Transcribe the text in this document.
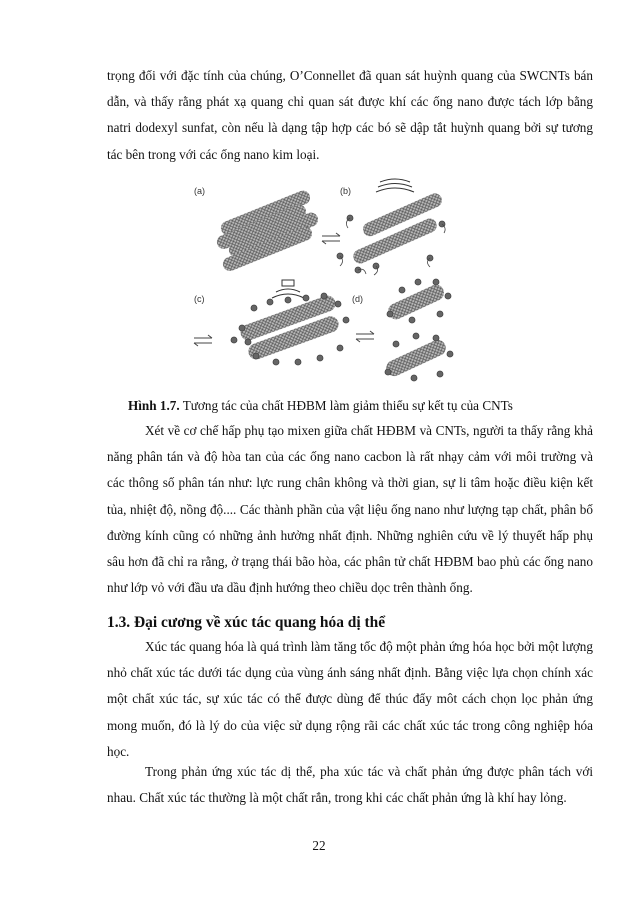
trọng đối với đặc tính của chúng, O’Connellet đã quan sát huỳnh quang của SWCNTs bán dẫn, và thấy rằng phát xạ quang chỉ quan sát được khí các ống nano được tách lớp bằng natri dodexyl sunfat, còn nếu là dạng tập hợp các bó sẽ dập tắt huỳnh quang bởi sự tương tác bên trong với các ống nano kim loại.

(a)	(b)
(c)	(d)

Hình 1.7. Tương tác của chất HĐBM làm giảm thiểu sự kết tụ của CNTs

Xét về cơ chế hấp phụ tạo mixen giữa chất HĐBM và CNTs, người ta thấy rằng khả năng phân tán và độ hòa tan của các ống nano cacbon là rất nhạy cảm với môi trường và các thông số phân tán như: lực rung chân không và thời gian, sự li tâm hoặc điều kiện kết tủa, nhiệt độ, nồng độ.... Các thành phần của vật liệu ống nano như lượng tạp chất, phân bố đường kính cũng có những ảnh hưởng nhất định. Những nghiên cứu về lý thuyết hấp phụ sâu hơn đã chỉ ra rằng, ở trạng thái bão hòa, các phân tử chất HĐBM bao phủ các ống nano như lớp vỏ với đầu ưa dầu định hướng theo chiều dọc trên thành ống.

1.3. Đại cương về xúc tác quang hóa dị thể

Xúc tác quang hóa là quá trình làm tăng tốc độ một phản ứng hóa học bởi một lượng nhỏ chất xúc tác dưới tác dụng của vùng ánh sáng nhất định. Bằng việc lựa chọn chính xác một chất xúc tác, sự xúc tác có thể được dùng để thúc đẩy môt cách chọn lọc phản ứng mong muốn, đó là lý do của việc sử dụng rộng rãi các chất xúc tác trong công nghiệp hóa học.

Trong phản ứng xúc tác dị thể, pha xúc tác và chất phản ứng được phân tách với nhau. Chất xúc tác thường là một chất rắn, trong khi các chất phản ứng là khí hay lỏng.

22
